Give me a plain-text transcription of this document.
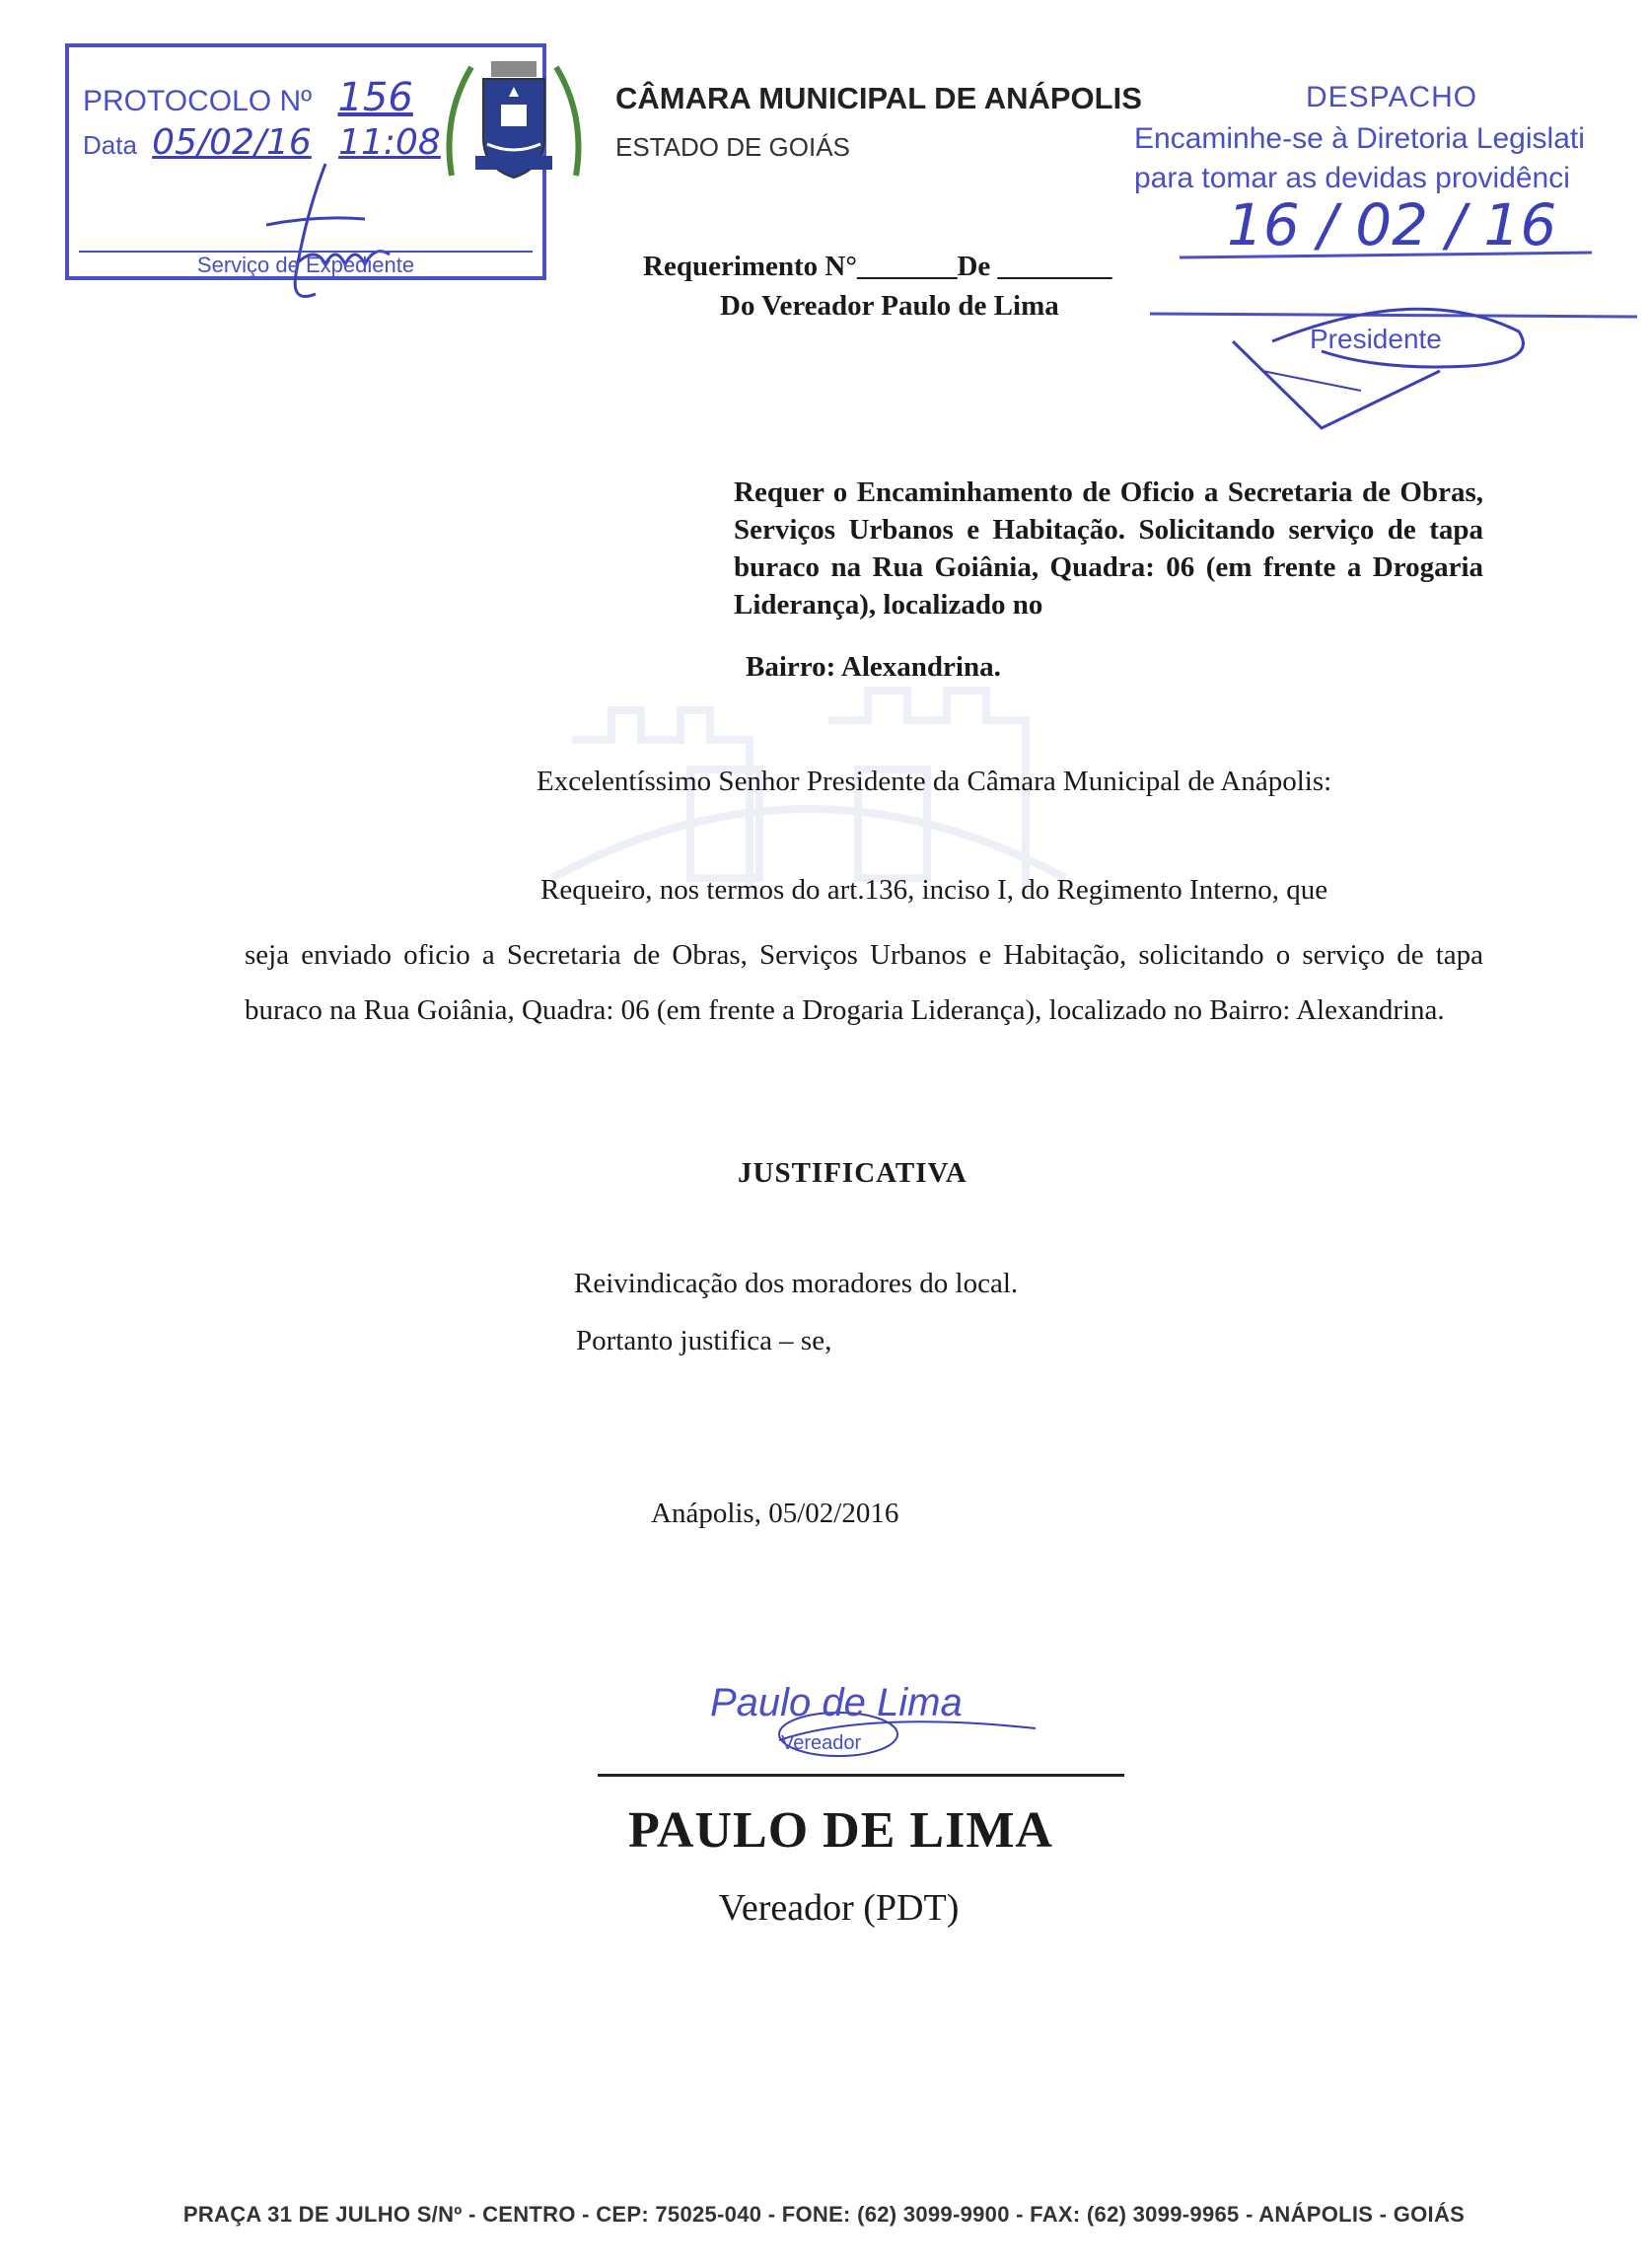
PROTOCOLO Nº 156
Data 05/02/16 11:08
Serviço de Expediente
CÂMARA MUNICIPAL DE ANÁPOLIS
ESTADO DE GOIÁS
DESPACHO
Encaminhe-se à Diretoria Legislati
para tomar as devidas providênci
16 / 02 / 16
Presidente
Requerimento N°_______De ________
Do Vereador Paulo de Lima
Requer o Encaminhamento de Oficio a Secretaria de Obras, Serviços Urbanos e Habitação. Solicitando serviço de tapa buraco na Rua Goiânia, Quadra: 06 (em frente a Drogaria Liderança), localizado no
Bairro: Alexandrina.
Excelentíssimo Senhor Presidente da Câmara Municipal de Anápolis:
Requeiro, nos termos do art.136, inciso I, do Regimento Interno, que
seja enviado oficio a Secretaria de Obras, Serviços Urbanos e Habitação, solicitando o serviço de tapa buraco na Rua Goiânia, Quadra: 06 (em frente a Drogaria Liderança), localizado no Bairro: Alexandrina.
JUSTIFICATIVA
Reivindicação dos moradores do local.
Portanto justifica – se,
Anápolis, 05/02/2016
Paulo de Lima
Vereador
PAULO DE LIMA
Vereador (PDT)
PRAÇA 31 DE JULHO S/Nº - CENTRO - CEP: 75025-040 - FONE: (62) 3099-9900 - FAX: (62) 3099-9965 - ANÁPOLIS - GOIÁS
